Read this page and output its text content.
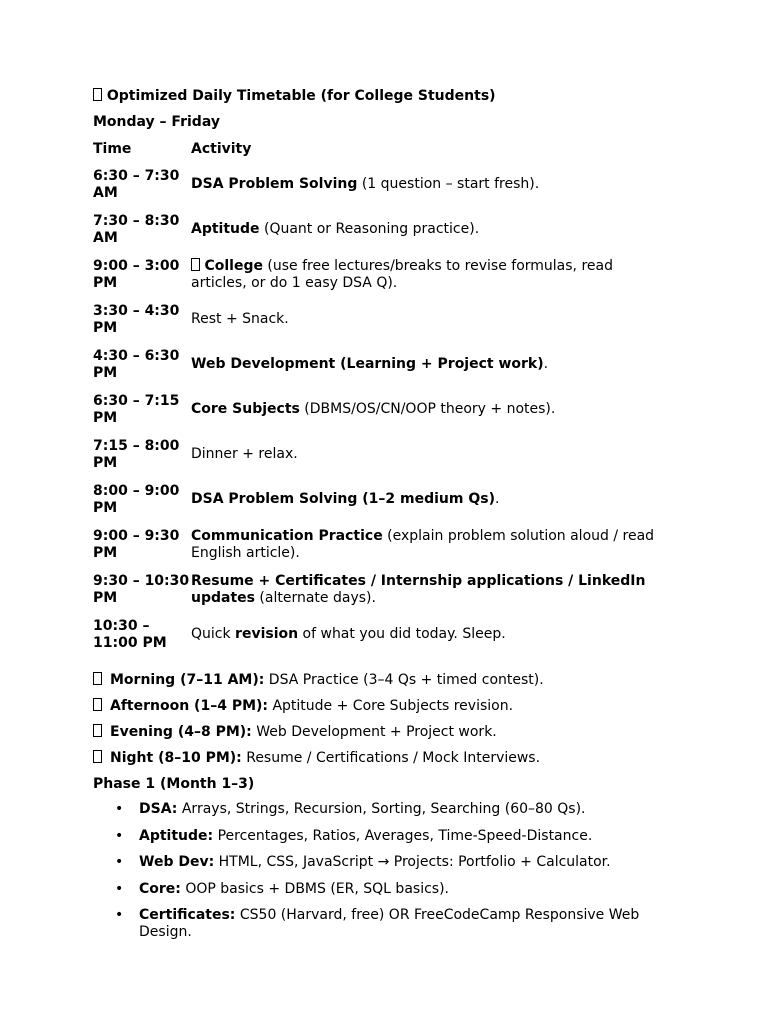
Optimized Daily Timetable (for College Students)
Monday – Friday
Time	Activity
6:30 – 7:30 AM	DSA Problem Solving (1 question – start fresh).
7:30 – 8:30 AM	Aptitude (Quant or Reasoning practice).
9:00 – 3:00 PM	College (use free lectures/breaks to revise formulas, read articles, or do 1 easy DSA Q).
3:30 – 4:30 PM	Rest + Snack.
4:30 – 6:30 PM	Web Development (Learning + Project work).
6:30 – 7:15 PM	Core Subjects (DBMS/OS/CN/OOP theory + notes).
7:15 – 8:00 PM	Dinner + relax.
8:00 – 9:00 PM	DSA Problem Solving (1–2 medium Qs).
9:00 – 9:30 PM	Communication Practice (explain problem solution aloud / read English article).
9:30 – 10:30 PM	Resume + Certificates / Internship applications / LinkedIn updates (alternate days).
10:30 – 11:00 PM	Quick revision of what you did today. Sleep.
Morning (7–11 AM): DSA Practice (3–4 Qs + timed contest).
Afternoon (1–4 PM): Aptitude + Core Subjects revision.
Evening (4–8 PM): Web Development + Project work.
Night (8–10 PM): Resume / Certifications / Mock Interviews.
Phase 1 (Month 1–3)
• DSA: Arrays, Strings, Recursion, Sorting, Searching (60–80 Qs).
• Aptitude: Percentages, Ratios, Averages, Time-Speed-Distance.
• Web Dev: HTML, CSS, JavaScript → Projects: Portfolio + Calculator.
• Core: OOP basics + DBMS (ER, SQL basics).
• Certificates: CS50 (Harvard, free) OR FreeCodeCamp Responsive Web Design.
